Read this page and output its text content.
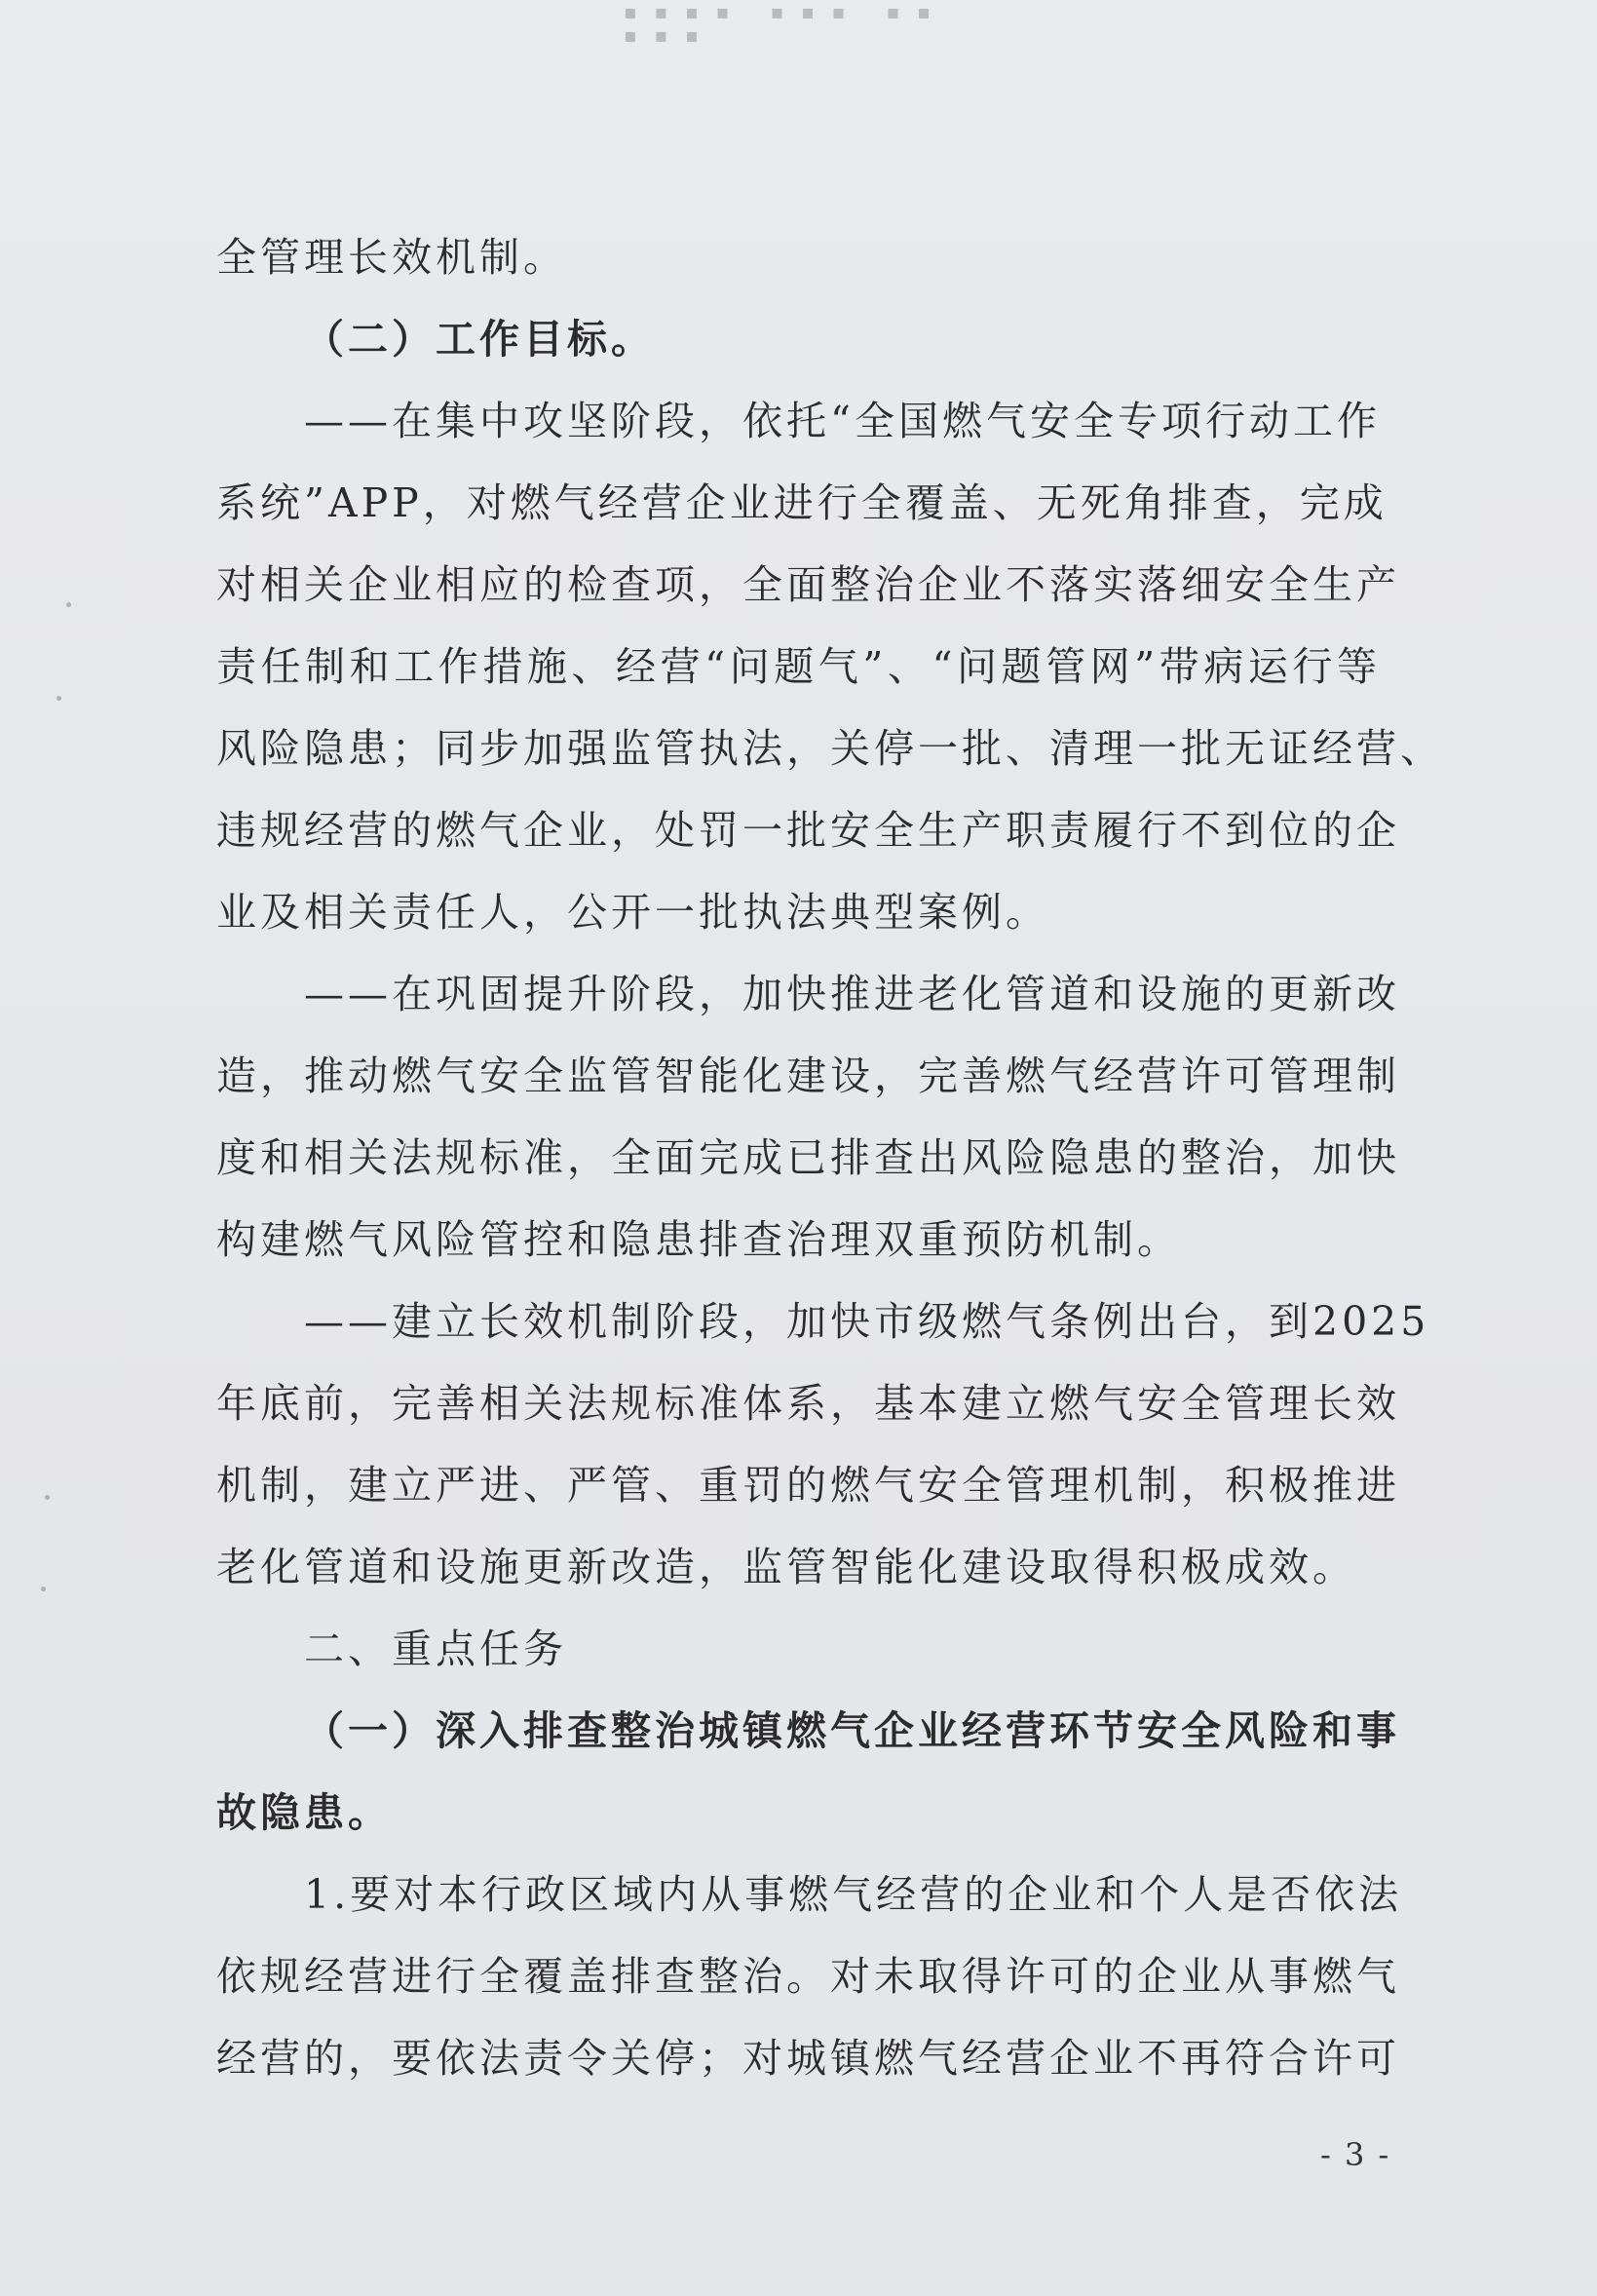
▪▪▪▪ ▪▪▪ ▪▪ ▪▪▪
全管理长效机制。
（二）工作目标。
——在集中攻坚阶段，依托“全国燃气安全专项行动工作
系统”APP，对燃气经营企业进行全覆盖、无死角排查，完成
对相关企业相应的检查项，全面整治企业不落实落细安全生产
责任制和工作措施、经营“问题气”、“问题管网”带病运行等
风险隐患；同步加强监管执法，关停一批、清理一批无证经营、
违规经营的燃气企业，处罚一批安全生产职责履行不到位的企
业及相关责任人，公开一批执法典型案例。
——在巩固提升阶段，加快推进老化管道和设施的更新改
造，推动燃气安全监管智能化建设，完善燃气经营许可管理制
度和相关法规标准，全面完成已排查出风险隐患的整治，加快
构建燃气风险管控和隐患排查治理双重预防机制。
——建立长效机制阶段，加快市级燃气条例出台，到2025
年底前，完善相关法规标准体系，基本建立燃气安全管理长效
机制，建立严进、严管、重罚的燃气安全管理机制，积极推进
老化管道和设施更新改造，监管智能化建设取得积极成效。
二、重点任务
（一）深入排查整治城镇燃气企业经营环节安全风险和事
故隐患。
1.要对本行政区域内从事燃气经营的企业和个人是否依法
依规经营进行全覆盖排查整治。对未取得许可的企业从事燃气
经营的，要依法责令关停；对城镇燃气经营企业不再符合许可
- 3 -
